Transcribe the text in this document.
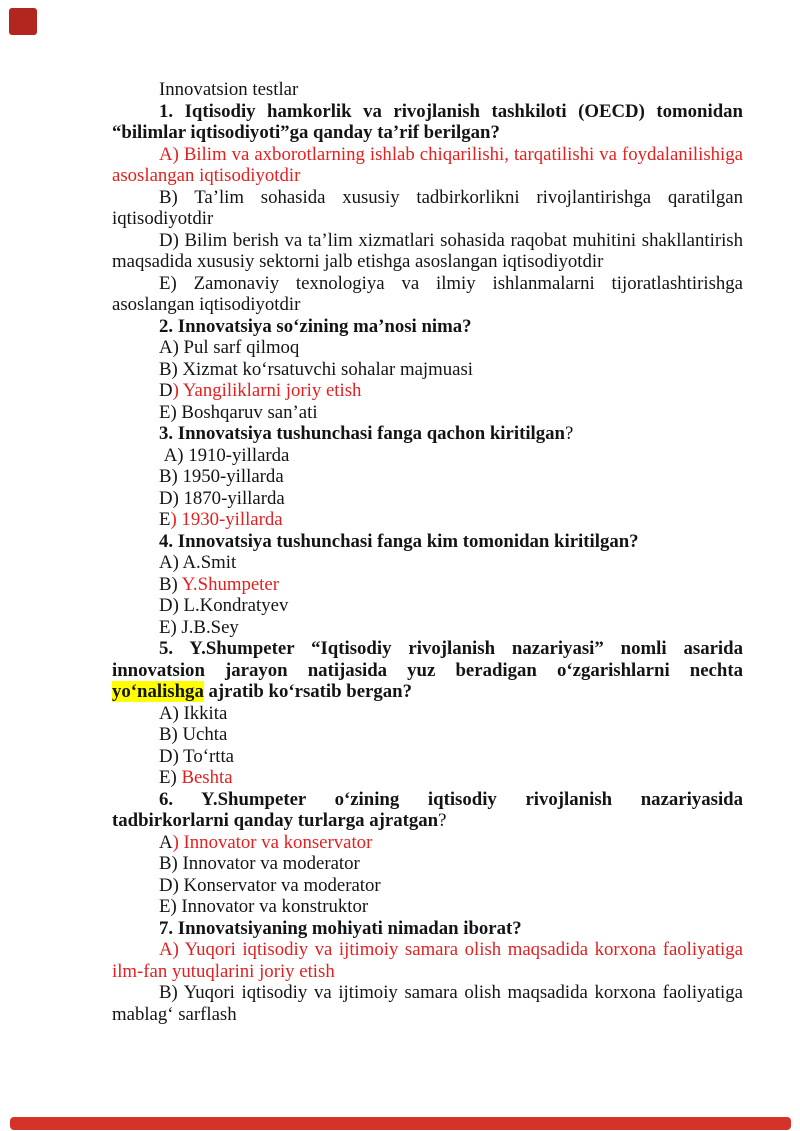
Innovatsion testlar

1. Iqtisodiy hamkorlik va rivojlanish tashkiloti (OECD) tomonidan “bilimlar iqtisodiyoti”ga qanday ta’rif berilgan?

A) Bilim va axborotlarning ishlab chiqarilishi, tarqatilishi va foydalanilishiga asoslangan iqtisodiyotdir

B) Ta’lim sohasida xususiy tadbirkorlikni rivojlantirishga qaratilgan iqtisodiyotdir

D) Bilim berish va ta’lim xizmatlari sohasida raqobat muhitini shakllantirish maqsadida xususiy sektorni jalb etishga asoslangan iqtisodiyotdir

E) Zamonaviy texnologiya va ilmiy ishlanmalarni tijoratlashtirishga asoslangan iqtisodiyotdir

2. Innovatsiya so‘zining ma’nosi nima?

A) Pul sarf qilmoq

B) Xizmat ko‘rsatuvchi sohalar majmuasi

D) Yangiliklarni joriy etish

E) Boshqaruv san’ati

3. Innovatsiya tushunchasi fanga qachon kiritilgan?

A) 1910-yillarda

B) 1950-yillarda

D) 1870-yillarda

E) 1930-yillarda

4. Innovatsiya tushunchasi fanga kim tomonidan kiritilgan?

A) A.Smit

B) Y.Shumpeter

D) L.Kondratyev

E) J.B.Sey

5. Y.Shumpeter “Iqtisodiy rivojlanish nazariyasi” nomli asarida innovatsion jarayon natijasida yuz beradigan o‘zgarishlarni nechta yo‘nalishga ajratib ko‘rsatib bergan?

A) Ikkita

B) Uchta

D) To‘rtta

E) Beshta

6. Y.Shumpeter o‘zining iqtisodiy rivojlanish nazariyasida tadbirkorlarni qanday turlarga ajratgan?

A) Innovator va konservator

B) Innovator va moderator

D) Konservator va moderator

E) Innovator va konstruktor

7. Innovatsiyaning mohiyati nimadan iborat?

A) Yuqori iqtisodiy va ijtimoiy samara olish maqsadida korxona faoliyatiga ilm-fan yutuqlarini joriy etish

B) Yuqori iqtisodiy va ijtimoiy samara olish maqsadida korxona faoliyatiga mablag‘ sarflash
